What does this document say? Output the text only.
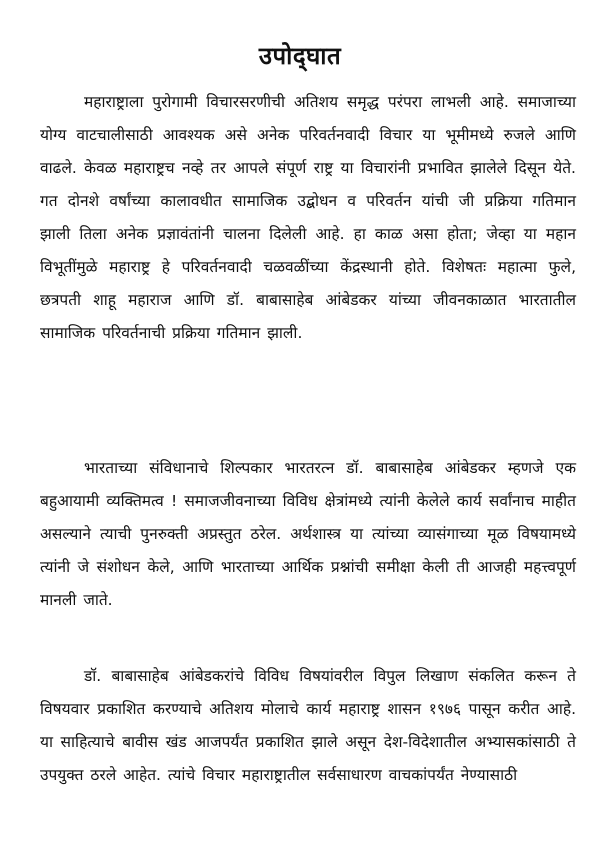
उपोद्‌घात

महाराष्ट्राला पुरोगामी विचारसरणीची अतिशय समृद्ध परंपरा लाभली आहे. समाजाच्या योग्य वाटचालीसाठी आवश्यक असे अनेक परिवर्तनवादी विचार या भूमीमध्ये रुजले आणि वाढले. केवळ महाराष्ट्रच नव्हे तर आपले संपूर्ण राष्ट्र या विचारांनी प्रभावित झालेले दिसून येते. गत दोनशे वर्षांच्या कालावधीत सामाजिक उद्बोधन व परिवर्तन यांची जी प्रक्रिया गतिमान झाली तिला अनेक प्रज्ञावंतांनी चालना दिलेली आहे. हा काळ असा होता; जेव्हा या महान विभूतींमुळे महाराष्ट्र हे परिवर्तनवादी चळवळींच्या केंद्रस्थानी होते. विशेषतः महात्मा फुले, छत्रपती शाहू महाराज आणि डॉ. बाबासाहेब आंबेडकर यांच्या जीवनकाळात भारतातील सामाजिक परिवर्तनाची प्रक्रिया गतिमान झाली.

भारताच्या संविधानाचे शिल्पकार भारतरत्न डॉ. बाबासाहेब आंबेडकर म्हणजे एक बहुआयामी व्यक्तिमत्व ! समाजजीवनाच्या विविध क्षेत्रांमध्ये त्यांनी केलेले कार्य सर्वांनाच माहीत असल्याने त्याची पुनरुक्ती अप्रस्तुत ठरेल. अर्थशास्त्र या त्यांच्या व्यासंगाच्या मूळ विषयामध्ये त्यांनी जे संशोधन केले, आणि भारताच्या आर्थिक प्रश्नांची समीक्षा केली ती आजही महत्त्वपूर्ण मानली जाते.

डॉ. बाबासाहेब आंबेडकरांचे विविध विषयांवरील विपुल लिखाण संकलित करून ते विषयवार प्रकाशित करण्याचे अतिशय मोलाचे कार्य महाराष्ट्र शासन १९७६ पासून करीत आहे. या साहित्याचे बावीस खंड आजपर्यंत प्रकाशित झाले असून देश-विदेशातील अभ्यासकांसाठी ते उपयुक्त ठरले आहेत. त्यांचे विचार महाराष्ट्रातील सर्वसाधारण वाचकांपर्यंत नेण्यासाठी
